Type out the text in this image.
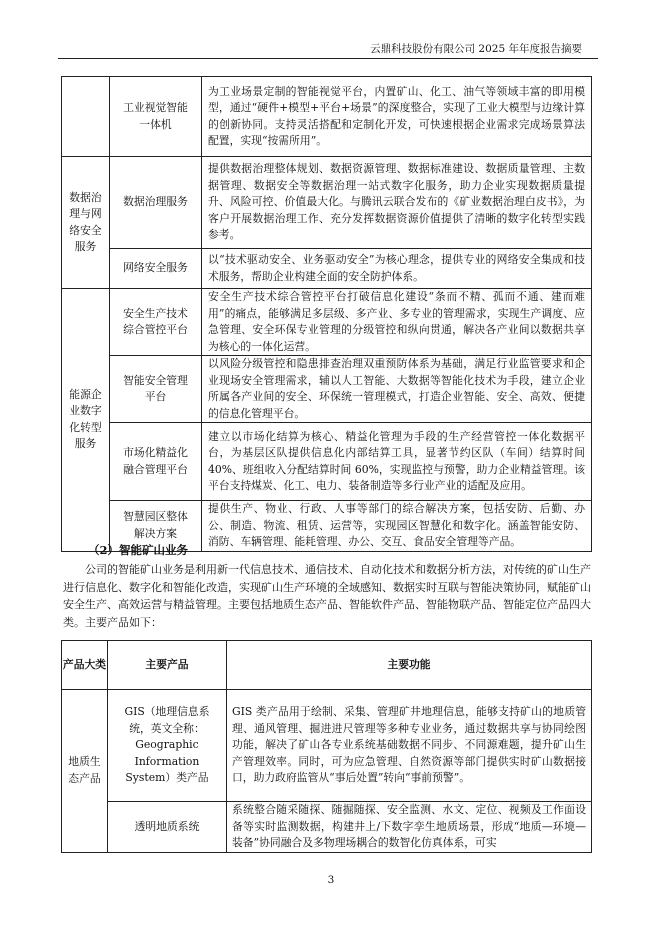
云鼎科技股份有限公司 2025 年年度报告摘要
	工业视觉智能一体机	为工业场景定制的智能视觉平台，内置矿山、化工、油气等领域丰富的即用模型，通过“硬件+模型+平台+场景”的深度整合，实现了工业大模型与边缘计算的创新协同。支持灵活搭配和定制化开发，可快速根据企业需求完成场景算法配置，实现“按需所用”。
数据治理与网络安全服务	数据治理服务	提供数据治理整体规划、数据资源管理、数据标准建设、数据质量管理、主数据管理、数据安全等数据治理一站式数字化服务，助力企业实现数据质量提升、风险可控、价值最大化。与腾讯云联合发布的《矿业数据治理白皮书》，为客户开展数据治理工作、充分发挥数据资源价值提供了清晰的数字化转型实践参考。
	网络安全服务	以“技术驱动安全、业务驱动安全”为核心理念，提供专业的网络安全集成和技术服务，帮助企业构建全面的安全防护体系。
能源企业数字化转型服务	安全生产技术综合管控平台	安全生产技术综合管控平台打破信息化建设“条而不精、孤而不通、建而难用”的痛点，能够满足多层级、多产业、多专业的管理需求，实现生产调度、应急管理、安全环保专业管理的分级管控和纵向贯通，解决各产业间以数据共享为核心的一体化运营。
	智能安全管理平台	以风险分级管控和隐患排查治理双重预防体系为基础，满足行业监管要求和企业现场安全管理需求，辅以人工智能、大数据等智能化技术为手段，建立企业所属各产业间的安全、环保统一管理模式，打造企业智能、安全、高效、便捷的信息化管理平台。
	市场化精益化融合管理平台	建立以市场化结算为核心、精益化管理为手段的生产经营管控一体化数据平台，为基层区队提供信息化内部结算工具，显著节约区队（车间）结算时间 40%、班组收入分配结算时间 60%，实现监控与预警，助力企业精益管理。该平台支持煤炭、化工、电力、装备制造等多行业产业的适配及应用。
	智慧园区整体解决方案	提供生产、物业、行政、人事等部门的综合解决方案，包括安防、后勤、办公、制造、物流、租赁、运营等，实现园区智慧化和数字化。涵盖智能安防、消防、车辆管理、能耗管理、办公、交互、食品安全管理等产品。
（2）智能矿山业务
公司的智能矿山业务是利用新一代信息技术、通信技术、自动化技术和数据分析方法，对传统的矿山生产进行信息化、数字化和智能化改造，实现矿山生产环境的全域感知、数据实时互联与智能决策协同，赋能矿山安全生产、高效运营与精益管理。主要包括地质生态产品、智能软件产品、智能物联产品、智能定位产品四大类。主要产品如下：
产品大类	主要产品	主要功能
地质生态产品	GIS（地理信息系统，英文全称：Geographic Information System）类产品	GIS 类产品用于绘制、采集、管理矿井地理信息，能够支持矿山的地质管理、通风管理、掘进进尺管理等多种专业业务，通过数据共享与协同绘图功能，解决了矿山各专业系统基础数据不同步、不同源难题，提升矿山生产管理效率。同时，可为应急管理、自然资源等部门提供实时矿山数据接口，助力政府监管从“事后处置”转向“事前预警”。
	透明地质系统	系统整合随采随探、随掘随探、安全监测、水文、定位、视频及工作面设备等实时监测数据，构建井上/下数字孪生地质场景，形成“地质—环境—装备”协同融合及多物理场耦合的数智化仿真体系，可实
3
